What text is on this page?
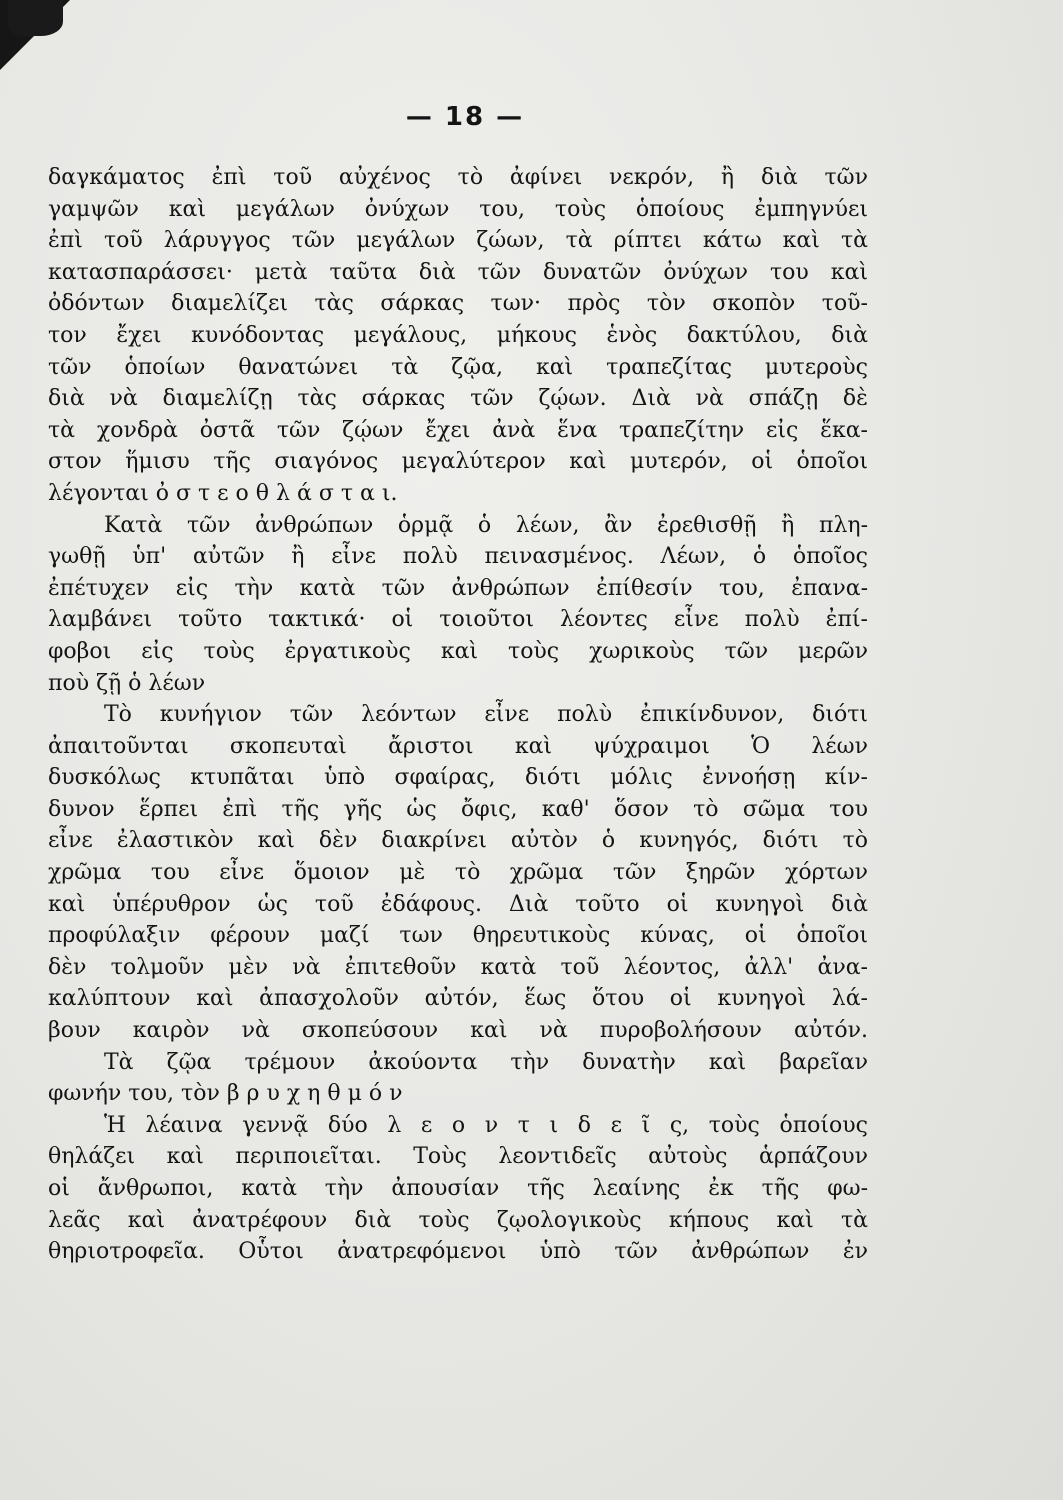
— 18 —
δαγκάματος ἐπὶ τοῦ αὐχένος τὸ ἀφίνει νεκρόν, ἢ διὰ τῶν
γαμψῶν καὶ μεγάλων ὀνύχων του, τοὺς ὁποίους ἐμπηγνύει
ἐπὶ τοῦ λάρυγγος τῶν μεγάλων ζώων, τὰ ρίπτει κάτω καὶ τὰ
κατασπαράσσει· μετὰ ταῦτα διὰ τῶν δυνατῶν ὀνύχων του καὶ
ὀδόντων διαμελίζει τὰς σάρκας των· πρὸς τὸν σκοπὸν τοῦ-
τον ἔχει κυνόδοντας μεγάλους, μήκους ἑνὸς δακτύλου, διὰ
τῶν ὁποίων θανατώνει τὰ ζῷα, καὶ τραπεζίτας μυτεροὺς
διὰ νὰ διαμελίζῃ τὰς σάρκας τῶν ζῴων. Διὰ νὰ σπάζῃ δὲ
τὰ χονδρὰ ὀστᾶ τῶν ζῴων ἔχει ἀνὰ ἕνα τραπεζίτην εἰς ἕκα-
στον ἥμισυ τῆς σιαγόνος μεγαλύτερον καὶ μυτερόν, οἱ ὁποῖοι
λέγονται ὀ σ τ ε ο θ λ ά σ τ α ι.
Κατὰ τῶν ἀνθρώπων ὁρμᾷ ὁ λέων, ἂν ἐρεθισθῇ ἢ πλη-
γωθῇ ὑπ' αὐτῶν ἢ εἶνε πολὺ πεινασμένος. Λέων, ὁ ὁποῖος
ἐπέτυχεν εἰς τὴν κατὰ τῶν ἀνθρώπων ἐπίθεσίν του, ἐπανα-
λαμβάνει τοῦτο τακτικά· οἱ τοιοῦτοι λέοντες εἶνε πολὺ ἐπί-
φοβοι εἰς τοὺς ἐργατικοὺς καὶ τοὺς χωρικοὺς τῶν μερῶν
ποὺ ζῇ ὁ λέων
Τὸ κυνήγιον τῶν λεόντων εἶνε πολὺ ἐπικίνδυνον, διότι
ἀπαιτοῦνται σκοπευταὶ ἄριστοι καὶ ψύχραιμοι Ὁ λέων
δυσκόλως κτυπᾶται ὑπὸ σφαίρας, διότι μόλις ἐννοήσῃ κίν-
δυνον ἕρπει ἐπὶ τῆς γῆς ὡς ὄφις, καθ' ὅσον τὸ σῶμα του
εἶνε ἐλαστικὸν καὶ δὲν διακρίνει αὐτὸν ὁ κυνηγός, διότι τὸ
χρῶμα του εἶνε ὅμοιον μὲ τὸ χρῶμα τῶν ξηρῶν χόρτων
καὶ ὑπέρυθρον ὡς τοῦ ἐδάφους. Διὰ τοῦτο οἱ κυνηγοὶ διὰ
προφύλαξιν φέρουν μαζί των θηρευτικοὺς κύνας, οἱ ὁποῖοι
δὲν τολμοῦν μὲν νὰ ἐπιτεθοῦν κατὰ τοῦ λέοντος, ἀλλ' ἀνα-
καλύπτουν καὶ ἀπασχολοῦν αὐτόν, ἕως ὅτου οἱ κυνηγοὶ λά-
βουν καιρὸν νὰ σκοπεύσουν καὶ νὰ πυροβολήσουν αὐτόν.
Τὰ ζῷα τρέμουν ἀκούοντα τὴν δυνατὴν καὶ βαρεῖαν
φωνήν του, τὸν β ρ υ χ η θ μ ό ν
Ἡ λέαινα γεννᾷ δύο λ ε ο ν τ ι δ ε ῖ ς, τοὺς ὁποίους
θηλάζει καὶ περιποιεῖται. Τοὺς λεοντιδεῖς αὐτοὺς ἁρπάζουν
οἱ ἄνθρωποι, κατὰ τὴν ἀπουσίαν τῆς λεαίνης ἐκ τῆς φω-
λεᾶς καὶ ἀνατρέφουν διὰ τοὺς ζῳολογικοὺς κήπους καὶ τὰ
θηριοτροφεῖα. Οὗτοι ἀνατρεφόμενοι ὑπὸ τῶν ἀνθρώπων ἐν
